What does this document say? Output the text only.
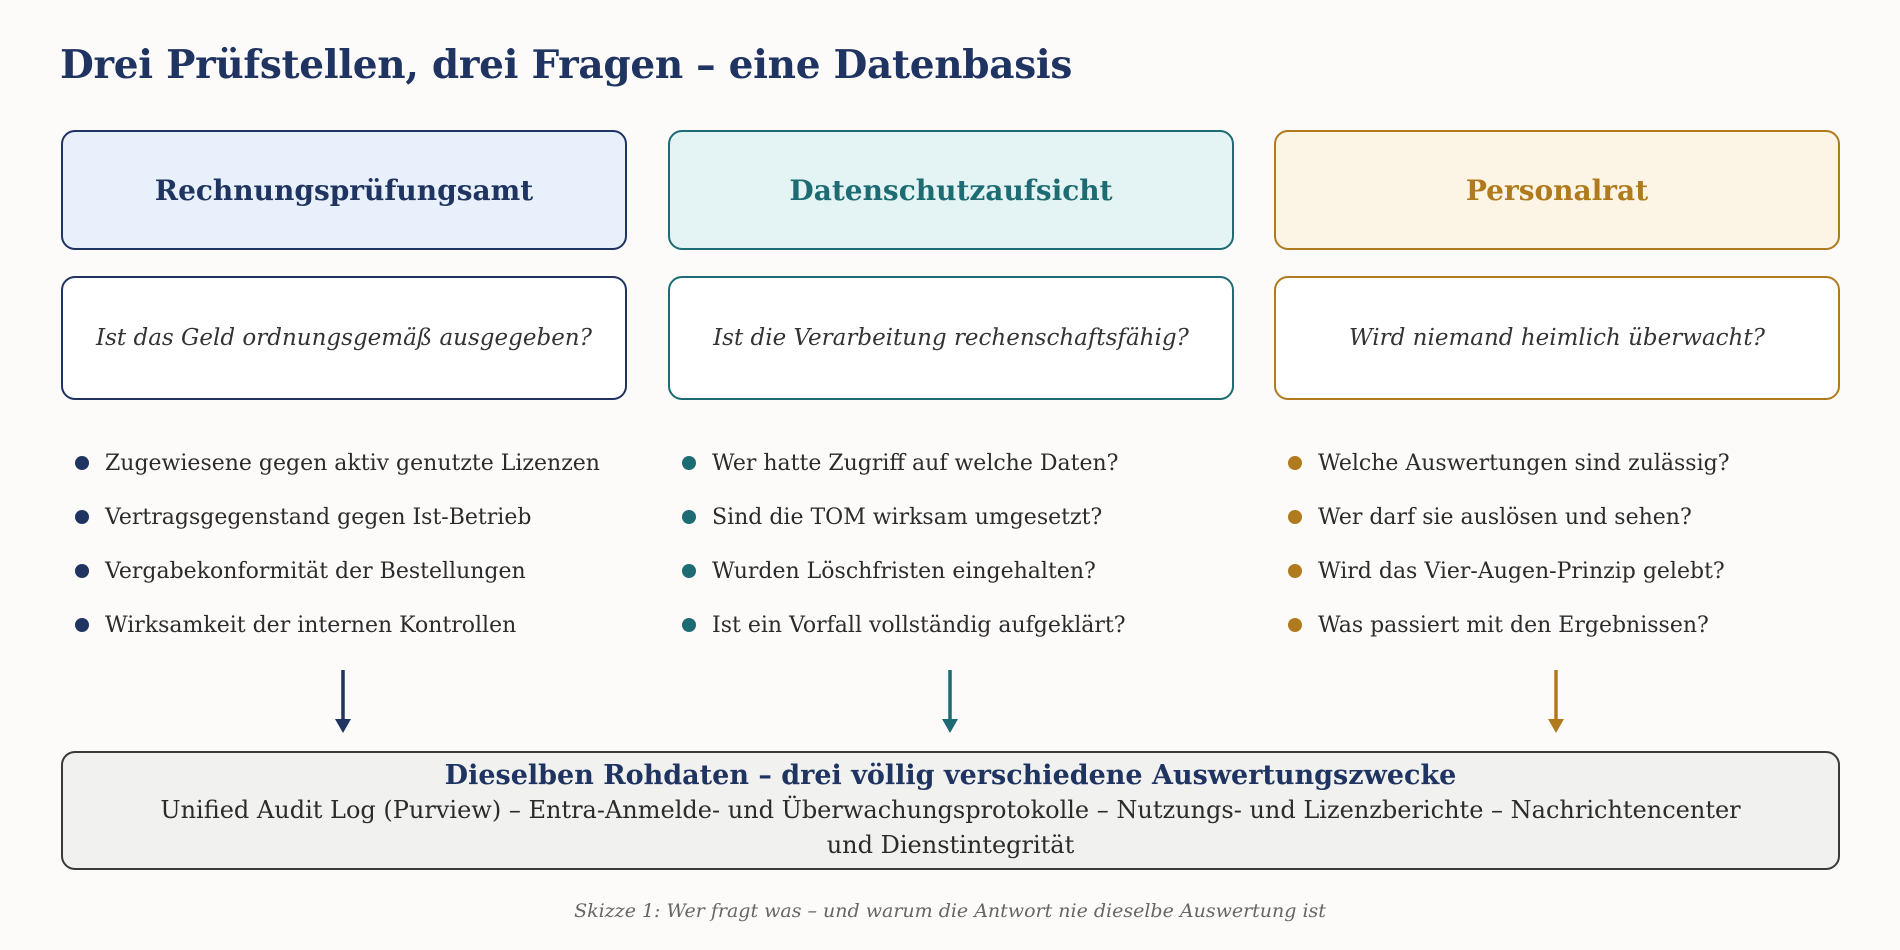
Drei Prüfstellen, drei Fragen – eine Datenbasis
Rechnungsprüfungsamt
Ist das Geld ordnungsgemäß ausgegeben?
Zugewiesene gegen aktiv genutzte Lizenzen
Vertragsgegenstand gegen Ist-Betrieb
Vergabekonformität der Bestellungen
Wirksamkeit der internen Kontrollen
Datenschutzaufsicht
Ist die Verarbeitung rechenschaftsfähig?
Wer hatte Zugriff auf welche Daten?
Sind die TOM wirksam umgesetzt?
Wurden Löschfristen eingehalten?
Ist ein Vorfall vollständig aufgeklärt?
Personalrat
Wird niemand heimlich überwacht?
Welche Auswertungen sind zulässig?
Wer darf sie auslösen und sehen?
Wird das Vier-Augen-Prinzip gelebt?
Was passiert mit den Ergebnissen?
Dieselben Rohdaten – drei völlig verschiedene Auswertungszwecke
Unified Audit Log (Purview) – Entra-Anmelde- und Überwachungsprotokolle – Nutzungs- und Lizenzberichte – Nachrichtencenter und Dienstintegrität
Skizze 1: Wer fragt was – und warum die Antwort nie dieselbe Auswertung ist
